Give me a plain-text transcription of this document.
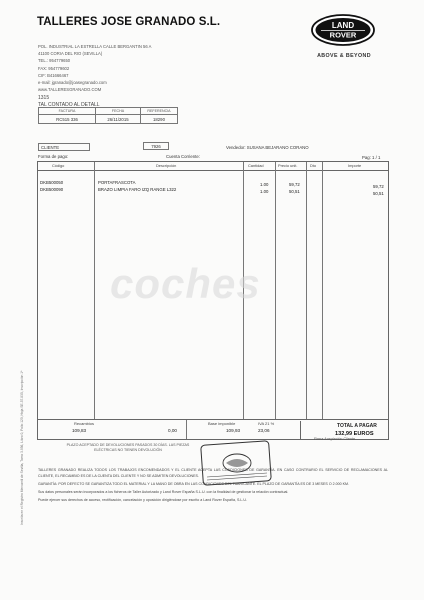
TALLERES JOSE GRANADO S.L.
POL. INDUSTRIAL LA ESTRELLA CALLE BERGANTIN 56 A
41100 CORIA DEL RIO (SEVILLA)
TEL.: 954779650
FAX: 954779602
CIF: B41666467
e-mail: jgranado@joasegranado.com
www.TALLERESGRANADO.COM
LAND
ROVER
ABOVE & BEYOND
1315
TAL CONTADO AL DETALL
FACTURA	FECHA	REFERENCIA
RC515 336	26/11/2015	18290
CLIENTE	7926	Vendedor: SUSANA BEJARANO CORANO
Forma de pago:	Cuenta Corriente:	Pag: 1 / 1
Código	Descripción	Cantidad	Precio unit.	Dto	Importe
DKB500050	PORTAFRASCOTA	1.00	59,72	59,72
DKB500090	BRAZO LIMPIA FARO IZQ RANGE L322	1.00	50,51	50,51
Recambios	Base imponible	IVA 21 %
109,83	0,00	109,93	23,06
TOTAL A PAGAR
132,99 EUROS
PLAZO ACEPTADO DE DEVOLUCIONES PASADOS 30 DÍAS. LAS PIEZAS ELÉCTRICAS NO TIENEN DEVOLUCIÓN
Firma Aceptación Cliente

TALLERES GRANADO REALIZA TODOS LOS TRABAJOS ENCOMENDADOS Y EL CLIENTE ACEPTA LAS CONDICIONES DE GARANTÍA. EN CASO CONTRARIO EL SERVICIO DE RECLAMACIONES AL CLIENTE, EL RECAMBIO ES DE LA CUENTA DEL CLIENTE Y NO SE ADMITEN DEVOLUCIONES.

GARANTÍA: POR DEFECTO SE GARANTIZA TODO EL MATERIAL Y LA MANO DE OBRA EN LAS CONDICIONES DEL FABRICANTE. EL PLAZO DE GARANTÍA ES DE 3 MESES O 2.000 KM.

Sus datos personales serán incorporados a los ficheros de Taller Autorizado y Land Rover España S.L.U. con la finalidad de gestionar la relación contractual.

Puede ejercer sus derechos de acceso, rectificación, cancelación y oposición dirigiéndose por escrito a Land Rover España, S.L.U.

Inscrita en el Registro Mercantil de Sevilla, Tomo 3.956, Libro 0, Folio 120, Hoja SE-57.835, Inscripción 1ª
coches
